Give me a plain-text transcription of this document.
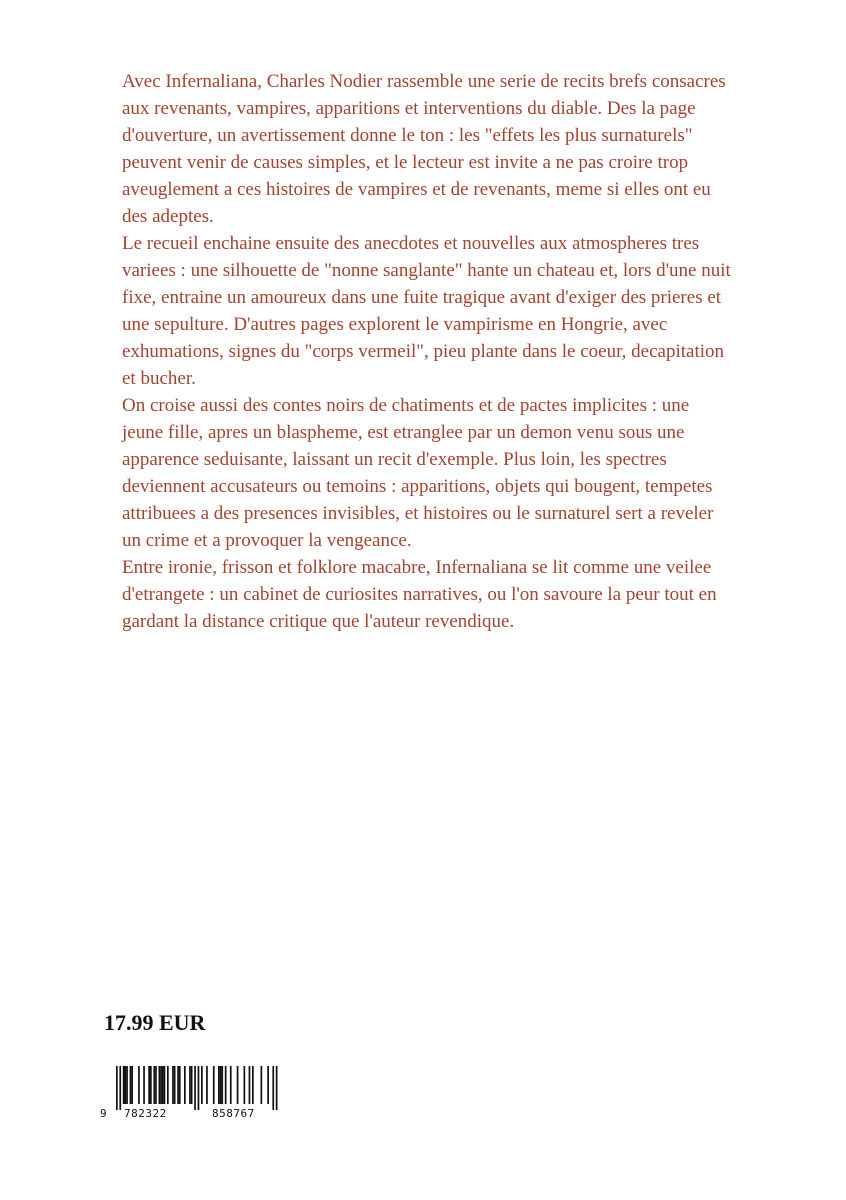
Avec Infernaliana, Charles Nodier rassemble une serie de recits brefs consacres aux revenants, vampires, apparitions et interventions du diable. Des la page d'ouverture, un avertissement donne le ton : les "effets les plus surnaturels" peuvent venir de causes simples, et le lecteur est invite a ne pas croire trop aveuglement a ces histoires de vampires et de revenants, meme si elles ont eu des adeptes.

Le recueil enchaine ensuite des anecdotes et nouvelles aux atmospheres tres variees : une silhouette de "nonne sanglante" hante un chateau et, lors d'une nuit fixe, entraine un amoureux dans une fuite tragique avant d'exiger des prieres et une sepulture. D'autres pages explorent le vampirisme en Hongrie, avec exhumations, signes du "corps vermeil", pieu plante dans le coeur, decapitation et bucher.

On croise aussi des contes noirs de chatiments et de pactes implicites : une jeune fille, apres un blaspheme, est etranglee par un demon venu sous une apparence seduisante, laissant un recit d'exemple. Plus loin, les spectres deviennent accusateurs ou temoins : apparitions, objets qui bougent, tempetes attribuees a des presences invisibles, et histoires ou le surnaturel sert a reveler un crime et a provoquer la vengeance.

Entre ironie, frisson et folklore macabre, Infernaliana se lit comme une veilee d'etrangete : un cabinet de curiosites narratives, ou l'on savoure la peur tout en gardant la distance critique que l'auteur revendique.

17.99 EUR
9 782322	858767
